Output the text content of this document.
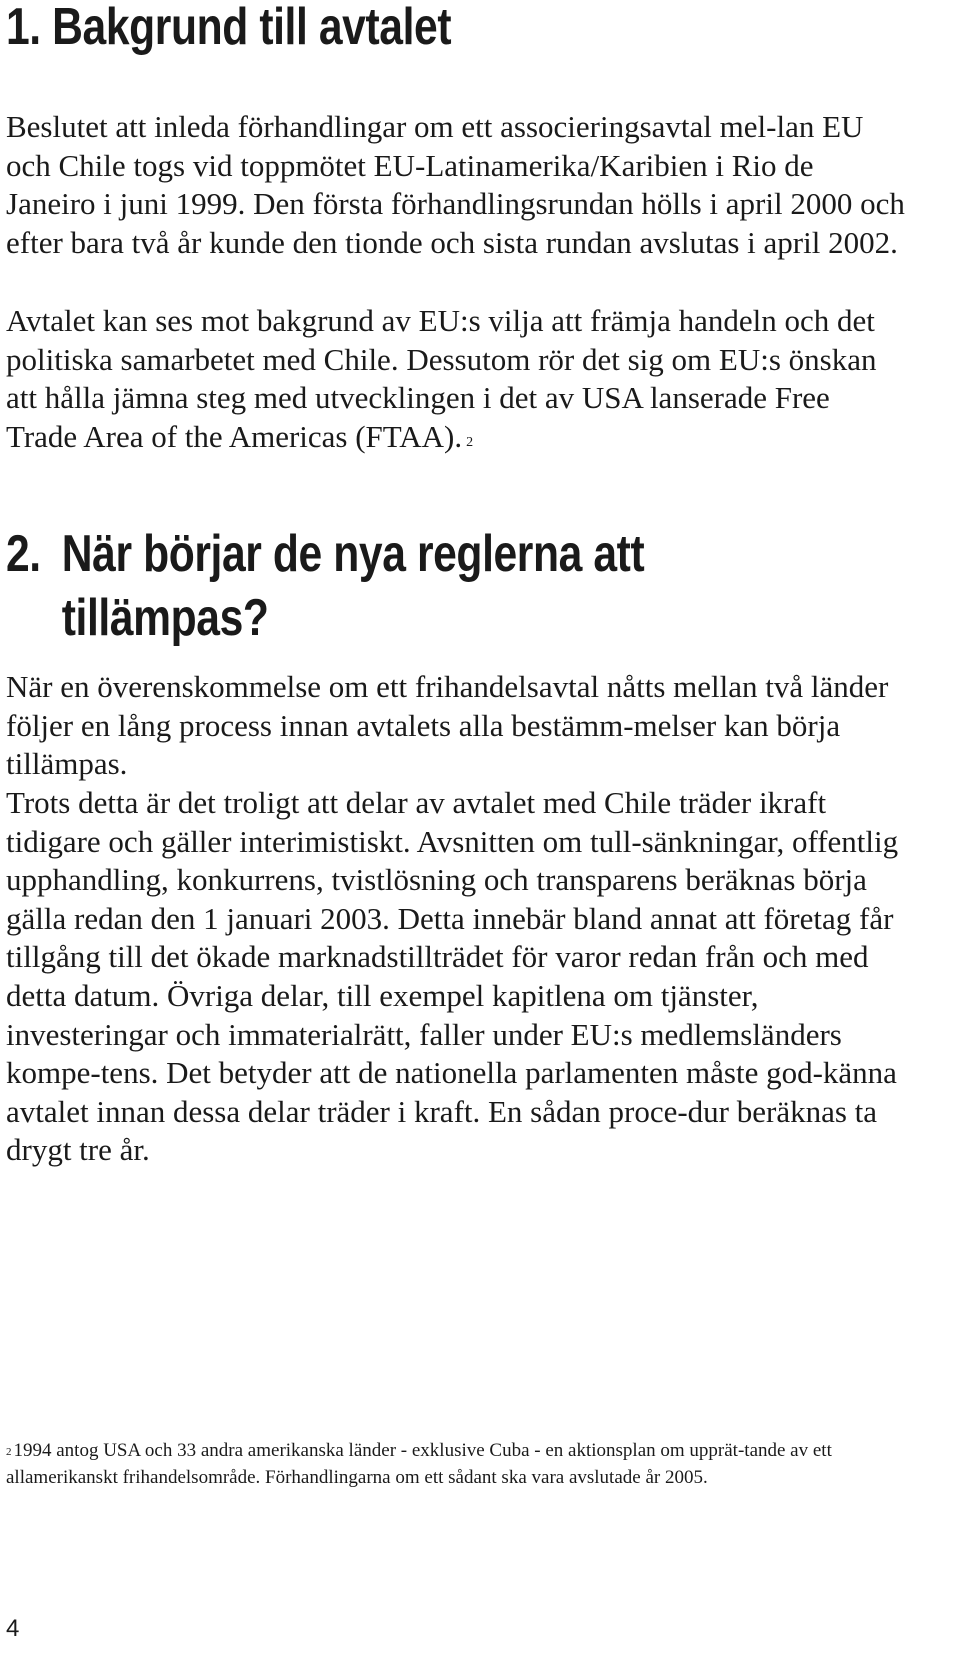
1. Bakgrund till avtalet

Beslutet att inleda förhandlingar om ett associeringsavtal mel-lan EU och Chile togs vid toppmötet EU-Latinamerika/Karibien i Rio de Janeiro i juni 1999. Den första förhandlingsrundan hölls i april 2000 och efter bara två år kunde den tionde och sista rundan avslutas i april 2002.

Avtalet kan ses mot bakgrund av EU:s vilja att främja handeln och det politiska samarbetet med Chile. Dessutom rör det sig om EU:s önskan att hålla jämna steg med utvecklingen i det av USA lanserade Free Trade Area of the Americas (FTAA). $^2$

2. När börjar de nya reglerna att
tillämpas?

När en överenskommelse om ett frihandelsavtal nåtts mellan två länder följer en lång process innan avtalets alla bestämm-melser kan börja tillämpas.

Trots detta är det troligt att delar av avtalet med Chile träder ikraft tidigare och gäller interimistiskt. Avsnitten om tull-sänkningar, offentlig upphandling, konkurrens, tvistlösning och transparens beräknas börja gälla redan den 1 januari 2003. Detta innebär bland annat att företag får tillgång till det ökade marknadstillträdet för varor redan från och med detta datum. Övriga delar, till exempel kapitlena om tjänster, investeringar och immaterialrätt, faller under EU:s medlemsländers kompe-tens. Det betyder att de nationella parlamenten måste god-känna avtalet innan dessa delar träder i kraft. En sådan proce-dur beräknas ta drygt tre år.

$^2$ 1994 antog USA och 33 andra amerikanska länder - exklusive Cuba - en aktionsplan om upprät-tande av ett allamerikanskt frihandelsområde. Förhandlingarna om ett sådant ska vara avslutade år 2005.

4
